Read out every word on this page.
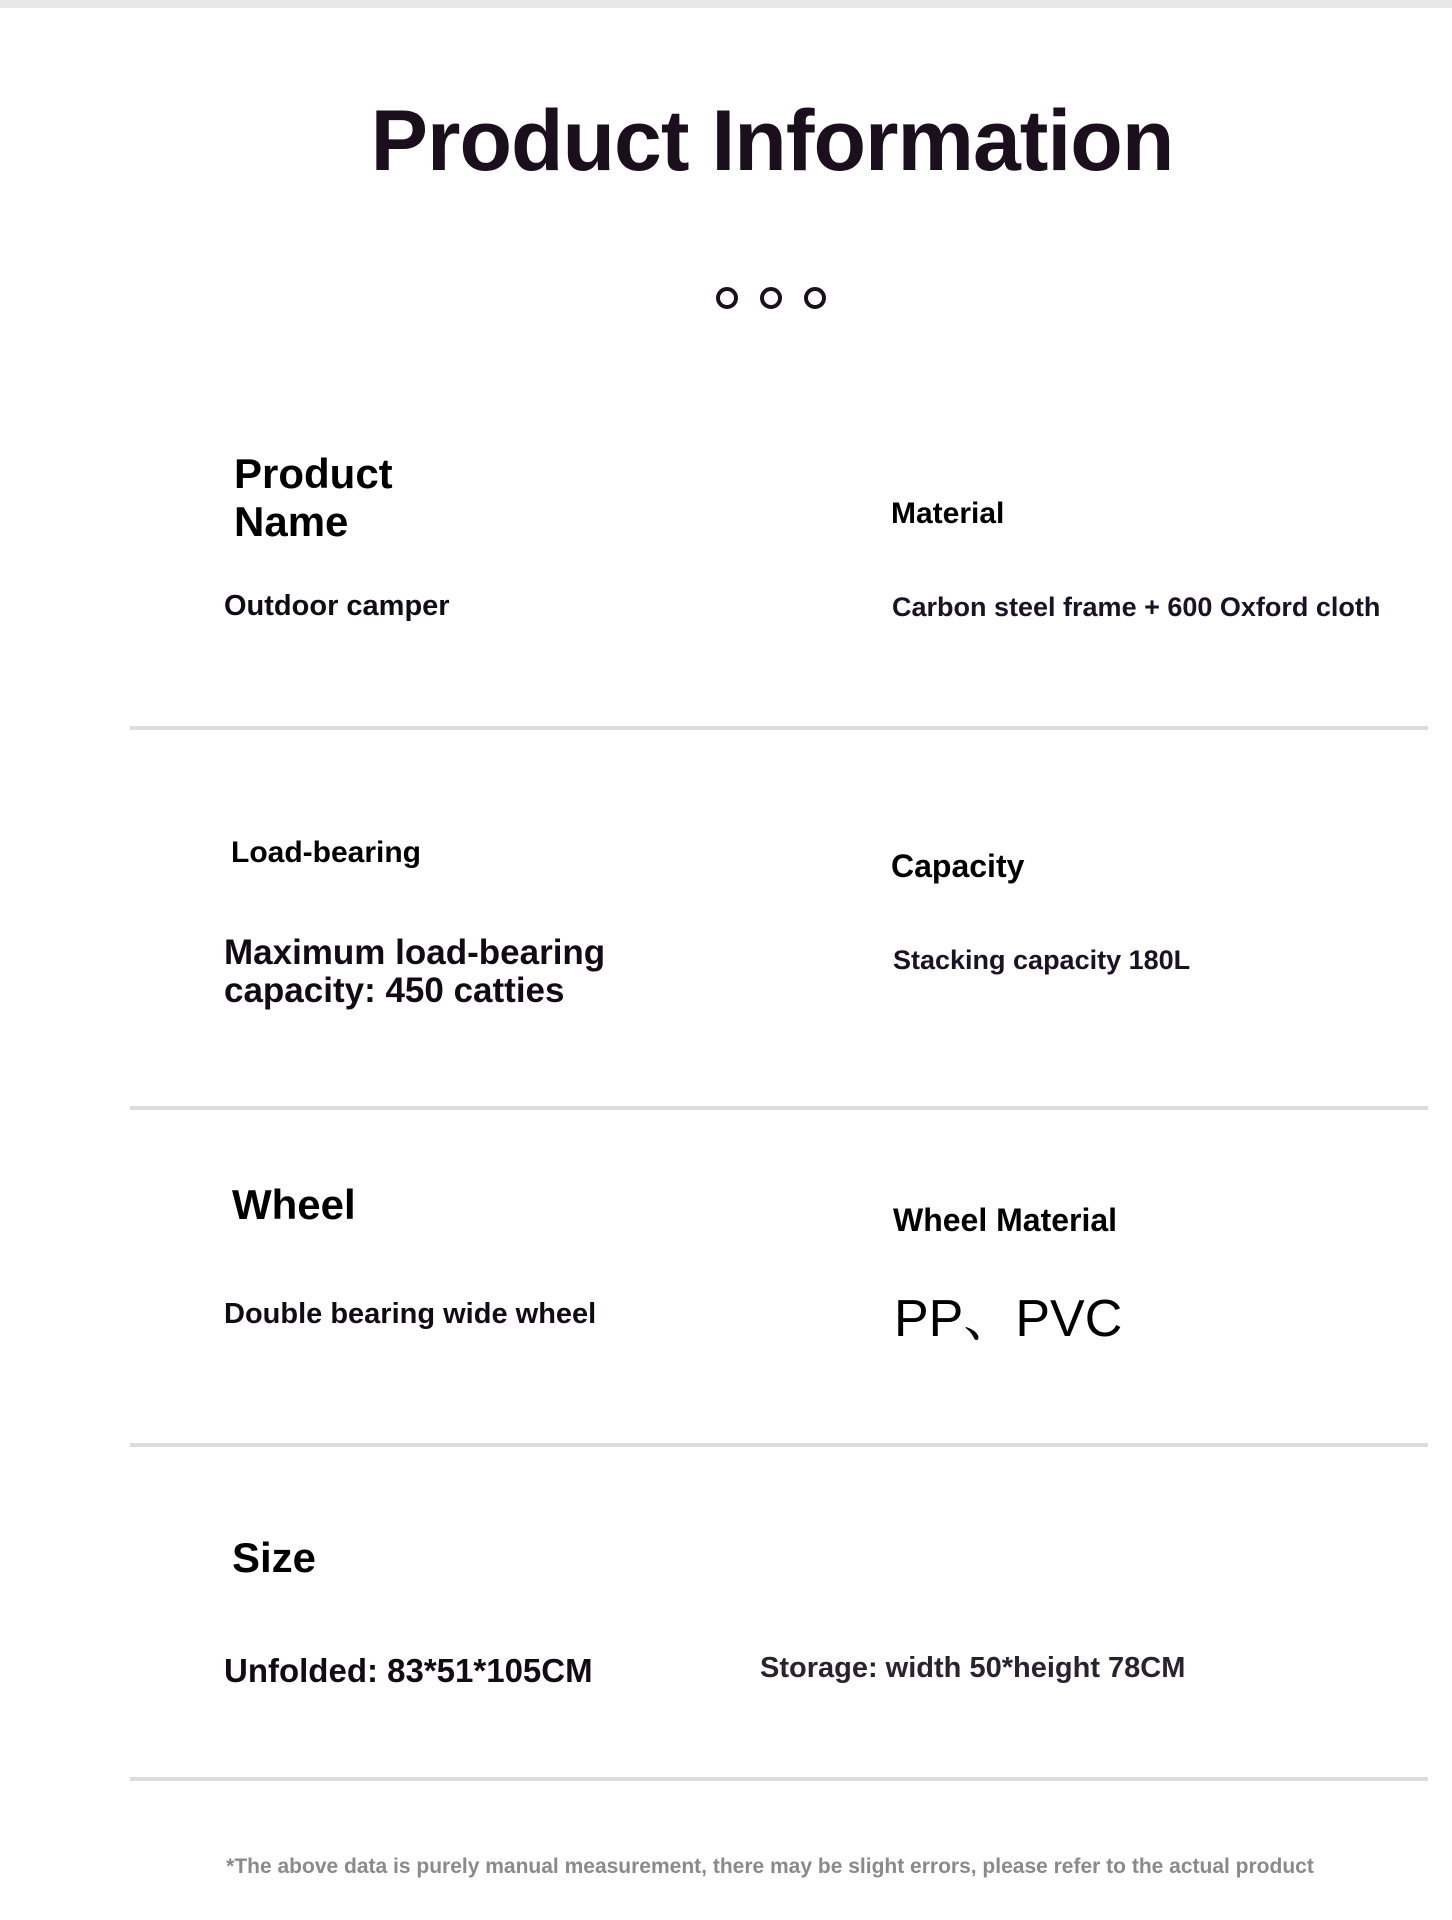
Product Information
Product Name
Outdoor camper
Material
Carbon steel frame + 600 Oxford cloth
Load-bearing
Maximum load-bearing
capacity: 450 catties
Capacity
Stacking capacity 180L
Wheel
Double bearing wide wheel
Wheel Material
PP、PVC
Size
Unfolded: 83*51*105CM	Storage: width 50*height 78CM
*The above data is purely manual measurement, there may be slight errors, please refer to the actual product
